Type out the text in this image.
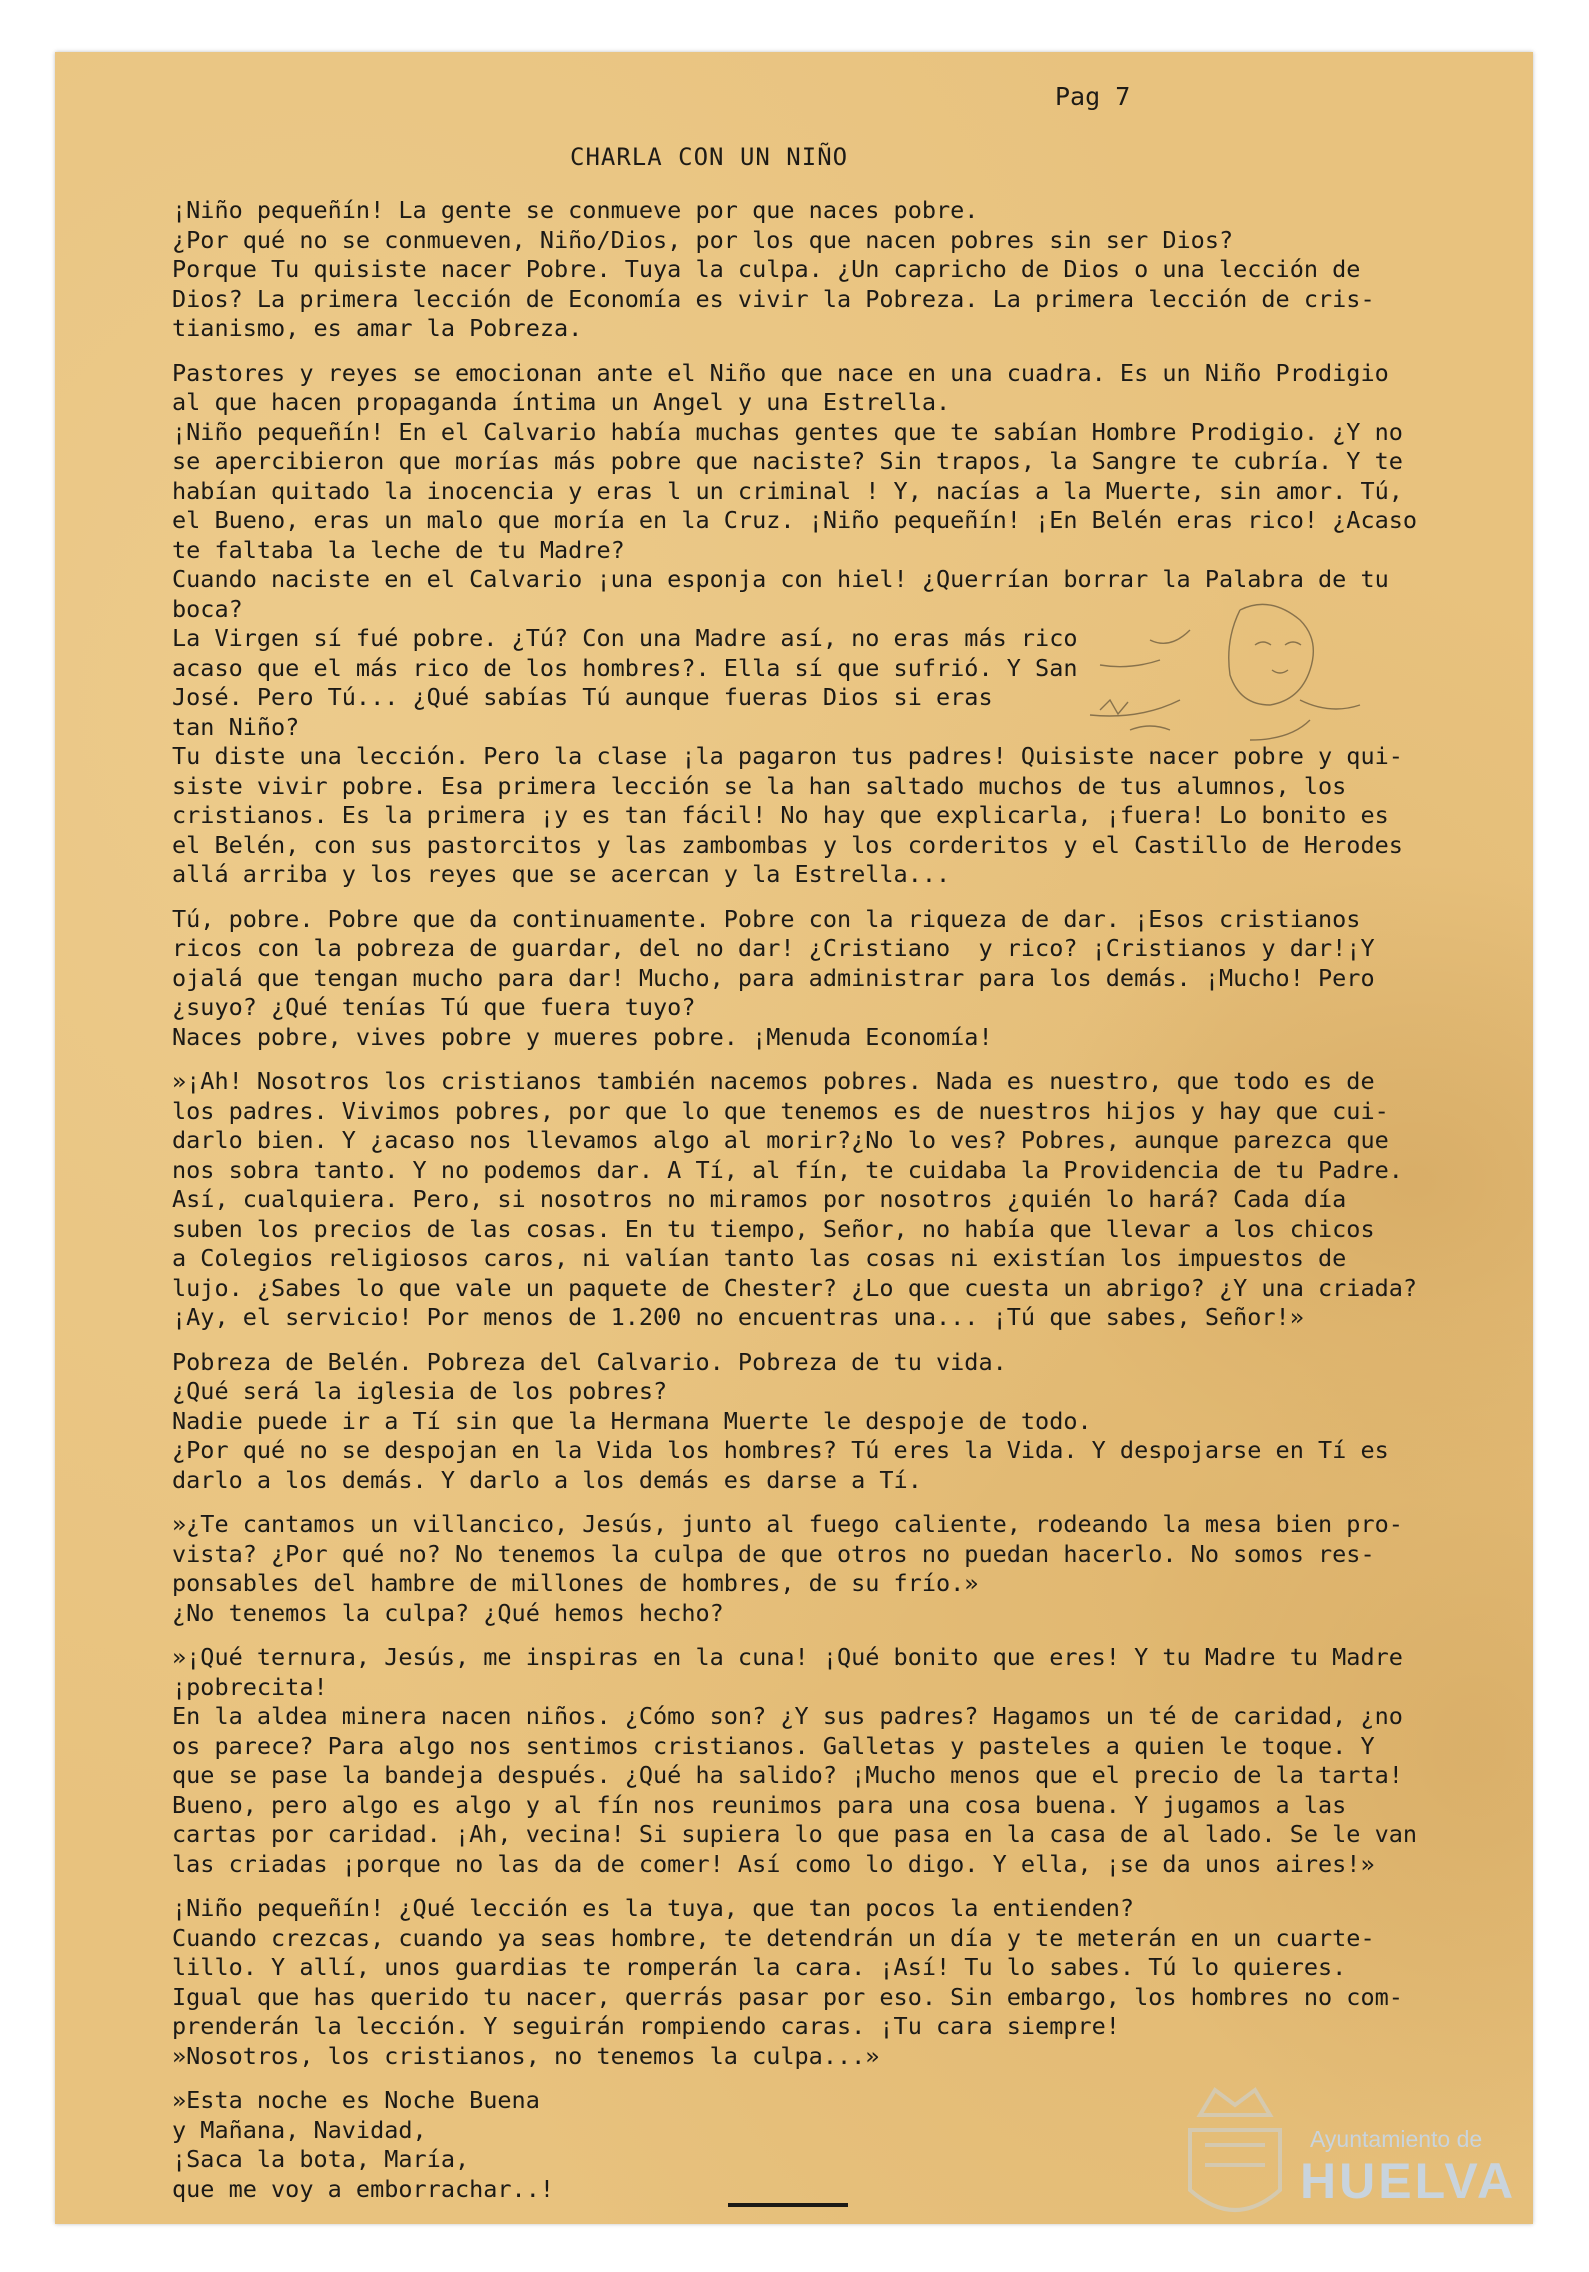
Pag 7
CHARLA CON UN NIÑO
¡Niño pequeñín! La gente se conmueve por que naces pobre.
¿Por qué no se conmueven, Niño/Dios, por los que nacen pobres sin ser Dios?
Porque Tu quisiste nacer Pobre. Tuya la culpa. ¿Un capricho de Dios o una lección de
Dios? La primera lección de Economía es vivir la Pobreza. La primera lección de cris-
tianismo, es amar la Pobreza.
Pastores y reyes se emocionan ante el Niño que nace en una cuadra. Es un Niño Prodigio
al que hacen propaganda íntima un Angel y una Estrella.
¡Niño pequeñín! En el Calvario había muchas gentes que te sabían Hombre Prodigio. ¿Y no
se apercibieron que morías más pobre que naciste? Sin trapos, la Sangre te cubría. Y te
habían quitado la inocencia y eras l un criminal ! Y, nacías a la Muerte, sin amor. Tú,
el Bueno, eras un malo que moría en la Cruz. ¡Niño pequeñín! ¡En Belén eras rico! ¿Acaso
te faltaba la leche de tu Madre?
Cuando naciste en el Calvario ¡una esponja con hiel! ¿Querrían borrar la Palabra de tu
boca?
La Virgen sí fué pobre. ¿Tú? Con una Madre así, no eras más rico
acaso que el más rico de los hombres?. Ella sí que sufrió. Y San
José. Pero Tú... ¿Qué sabías Tú aunque fueras Dios si eras
tan Niño?
Tu diste una lección. Pero la clase ¡la pagaron tus padres! Quisiste nacer pobre y qui-
siste vivir pobre. Esa primera lección se la han saltado muchos de tus alumnos, los
cristianos. Es la primera ¡y es tan fácil! No hay que explicarla, ¡fuera! Lo bonito es
el Belén, con sus pastorcitos y las zambombas y los corderitos y el Castillo de Herodes
allá arriba y los reyes que se acercan y la Estrella...
Tú, pobre. Pobre que da continuamente. Pobre con la riqueza de dar. ¡Esos cristianos
ricos con la pobreza de guardar, del no dar! ¿Cristiano  y rico? ¡Cristianos y dar!¡Y
ojalá que tengan mucho para dar! Mucho, para administrar para los demás. ¡Mucho! Pero
¿suyo? ¿Qué tenías Tú que fuera tuyo?
Naces pobre, vives pobre y mueres pobre. ¡Menuda Economía!
»¡Ah! Nosotros los cristianos también nacemos pobres. Nada es nuestro, que todo es de
los padres. Vivimos pobres, por que lo que tenemos es de nuestros hijos y hay que cui-
darlo bien. Y ¿acaso nos llevamos algo al morir?¿No lo ves? Pobres, aunque parezca que
nos sobra tanto. Y no podemos dar. A Tí, al fín, te cuidaba la Providencia de tu Padre.
Así, cualquiera. Pero, si nosotros no miramos por nosotros ¿quién lo hará? Cada día
suben los precios de las cosas. En tu tiempo, Señor, no había que llevar a los chicos
a Colegios religiosos caros, ni valían tanto las cosas ni existían los impuestos de
lujo. ¿Sabes lo que vale un paquete de Chester? ¿Lo que cuesta un abrigo? ¿Y una criada?
¡Ay, el servicio! Por menos de 1.200 no encuentras una... ¡Tú que sabes, Señor!»
Pobreza de Belén. Pobreza del Calvario. Pobreza de tu vida.
¿Qué será la iglesia de los pobres?
Nadie puede ir a Tí sin que la Hermana Muerte le despoje de todo.
¿Por qué no se despojan en la Vida los hombres? Tú eres la Vida. Y despojarse en Tí es
darlo a los demás. Y darlo a los demás es darse a Tí.
»¿Te cantamos un villancico, Jesús, junto al fuego caliente, rodeando la mesa bien pro-
vista? ¿Por qué no? No tenemos la culpa de que otros no puedan hacerlo. No somos res-
ponsables del hambre de millones de hombres, de su frío.»
¿No tenemos la culpa? ¿Qué hemos hecho?
»¡Qué ternura, Jesús, me inspiras en la cuna! ¡Qué bonito que eres! Y tu Madre tu Madre
¡pobrecita!
En la aldea minera nacen niños. ¿Cómo son? ¿Y sus padres? Hagamos un té de caridad, ¿no
os parece? Para algo nos sentimos cristianos. Galletas y pasteles a quien le toque. Y
que se pase la bandeja después. ¿Qué ha salido? ¡Mucho menos que el precio de la tarta!
Bueno, pero algo es algo y al fín nos reunimos para una cosa buena. Y jugamos a las
cartas por caridad. ¡Ah, vecina! Si supiera lo que pasa en la casa de al lado. Se le van
las criadas ¡porque no las da de comer! Así como lo digo. Y ella, ¡se da unos aires!»
¡Niño pequeñín! ¿Qué lección es la tuya, que tan pocos la entienden?
Cuando crezcas, cuando ya seas hombre, te detendrán un día y te meterán en un cuarte-
lillo. Y allí, unos guardias te romperán la cara. ¡Así! Tu lo sabes. Tú lo quieres.
Igual que has querido tu nacer, querrás pasar por eso. Sin embargo, los hombres no com-
prenderán la lección. Y seguirán rompiendo caras. ¡Tu cara siempre!
»Nosotros, los cristianos, no tenemos la culpa...»
»Esta noche es Noche Buena
y Mañana, Navidad,
¡Saca la bota, María,
que me voy a emborrachar..!
Ayuntamiento de
HUELVA
